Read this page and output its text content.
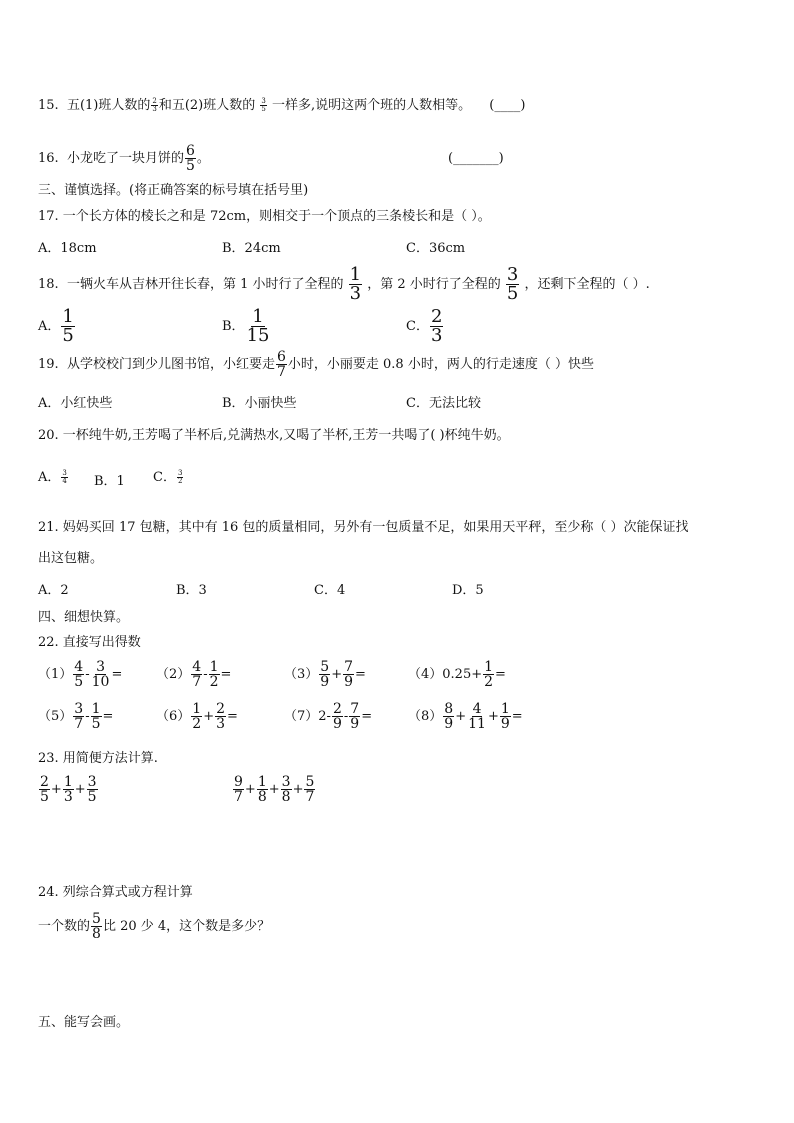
15. 五(1)班人数的 $\frac{2}{3}$ 和五(2)班人数的 $\frac{3}{5}$ 一样多,说明这两个班的人数相等。 (____)
16. 小龙吃了一块月饼的 $\frac{6}{5}$ 。	(_______)
三、谨慎选择。(将正确答案的标号填在括号里)
17. 一个长方体的棱长之和是 72cm，则相交于一个顶点的三条棱长和是（ ）。
A．18cm	B．24cm	C．36cm
18. 一辆火车从吉林开往长春，第 1 小时行了全程的 $\frac{1}{3}$ ，第 2 小时行了全程的 $\frac{3}{5}$ ，还剩下全程的（ ）.
A． $\frac{1}{5}$	B． $\frac{1}{15}$	C． $\frac{2}{3}$
19. 从学校校门到少儿图书馆，小红要走 $\frac{6}{7}$ 小时，小丽要走 0.8 小时，两人的行走速度（ ）快些
A．小红快些	B．小丽快些	C．无法比较
20. 一杯纯牛奶,王芳喝了半杯后,兑满热水,又喝了半杯,王芳一共喝了( )杯纯牛奶。
A． $\frac{3}{4}$ B．1 C． $\frac{3}{2}$
21. 妈妈买回 17 包糖，其中有 16 包的质量相同，另外有一包质量不足，如果用天平秤，至少称（ ）次能保证找
出这包糖。
A．2	B．3	C．4	D．5
四、细想快算。
22. 直接写出得数
23. 用简便方法计算.
$\frac{2}{5} + \frac{1}{3} + \frac{3}{5}$	$\frac{9}{7} + \frac{1}{8} + \frac{3}{8} + \frac{5}{7}$
24. 列综合算式或方程计算
一个数的 $\frac{5}{8}$ 比 20 少 4，这个数是多少？
五、能写会画。
$(1) \frac{4}{5} - \frac{3}{10}$ =	$(2) \frac{4}{7} - \frac{1}{2}$ =	$(3) \frac{5}{9} + \frac{7}{9}$ =	$(4)0.25+ \frac{1}{2}$ =
$(5) \frac{3}{7} - \frac{1}{5}$ =	$(6) \frac{1}{2} + \frac{2}{3}$ =	$(7)2- \frac{2}{9} - \frac{7}{9}$ =	$(8) \frac{8}{9} + \frac{4}{11} + \frac{1}{9}$ =
